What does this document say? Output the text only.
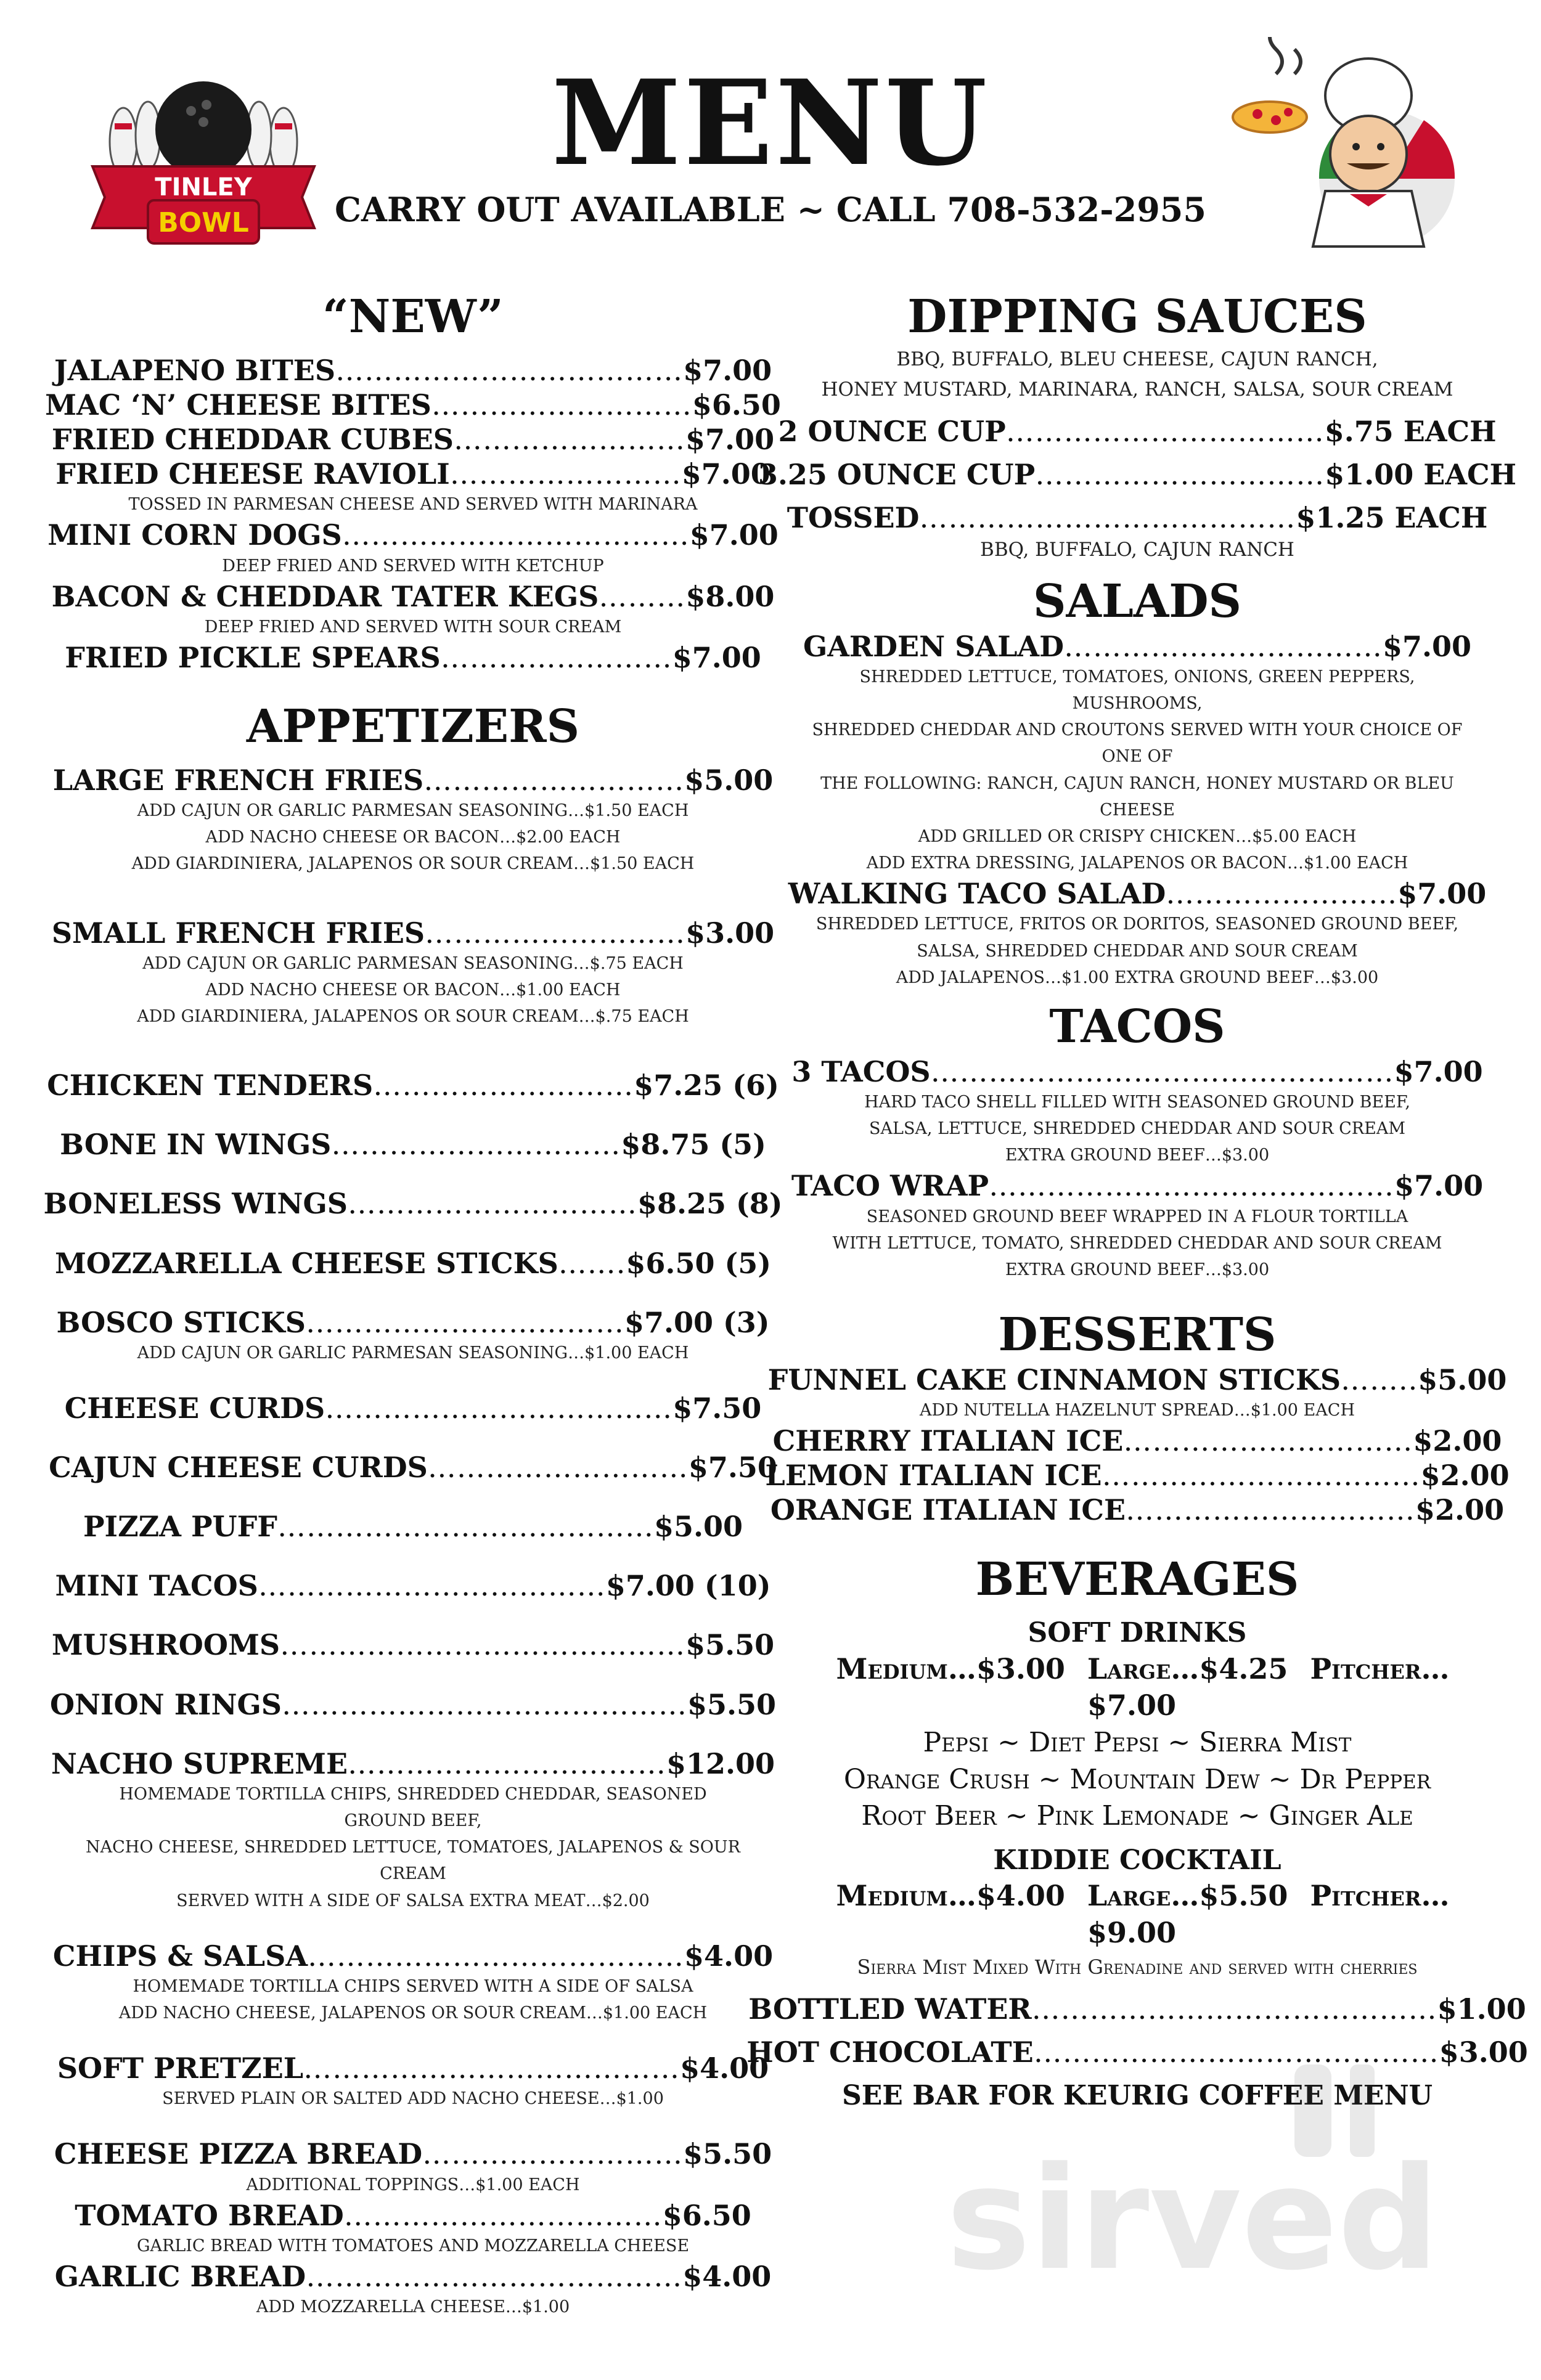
MENU
CARRY OUT AVAILABLE ~ CALL 708-532-2955
TINLEY
BOWL
“NEW”
JALAPENO BITES ……………………………… $7.00
MAC ‘N’ CHEESE BITES ……………………… $6.50
FRIED CHEDDAR CUBES …………………… $7.00
FRIED CHEESE RAVIOLI …………………… $7.00
TOSSED IN PARMESAN CHEESE AND SERVED WITH MARINARA
MINI CORN DOGS ……………………………… $7.00
DEEP FRIED AND SERVED WITH KETCHUP
BACON & CHEDDAR TATER KEGS ……… $8.00
DEEP FRIED AND SERVED WITH SOUR CREAM
FRIED PICKLE SPEARS …………………… $7.00
APPETIZERS
LARGE FRENCH FRIES ……………………… $5.00
ADD CAJUN OR GARLIC PARMESAN SEASONING…$1.50 EACH
ADD NACHO CHEESE OR BACON…$2.00 EACH
ADD GIARDINIERA, JALAPENOS OR SOUR CREAM…$1.50 EACH
SMALL FRENCH FRIES ……………………… $3.00
ADD CAJUN OR GARLIC PARMESAN SEASONING…$.75 EACH
ADD NACHO CHEESE OR BACON…$1.00 EACH
ADD GIARDINIERA, JALAPENOS OR SOUR CREAM…$.75 EACH
CHICKEN TENDERS ……………………… $7.25 (6)
BONE IN WINGS ………………………… $8.75 (5)
BONELESS WINGS ………………………… $8.25 (8)
MOZZARELLA CHEESE STICKS ……. $6.50 (5)
BOSCO STICKS …………………………… $7.00 (3)
ADD CAJUN OR GARLIC PARMESAN SEASONING…$1.00 EACH
CHEESE CURDS ……………………………… $7.50
CAJUN CHEESE CURDS ……………………… $7.50
PIZZA PUFF ………………………………… $5.00
MINI TACOS ……………………………… $7.00 (10)
MUSHROOMS …………………………………… $5.50
ONION RINGS …………………………………… $5.50
NACHO SUPREME …………………………… $12.00
HOMEMADE TORTILLA CHIPS, SHREDDED CHEDDAR, SEASONED GROUND BEEF,
NACHO CHEESE, SHREDDED LETTUCE, TOMATOES, JALAPENOS & SOUR CREAM
SERVED WITH A SIDE OF SALSA EXTRA MEAT…$2.00
CHIPS & SALSA ………………………………… $4.00
HOMEMADE TORTILLA CHIPS SERVED WITH A SIDE OF SALSA
ADD NACHO CHEESE, JALAPENOS OR SOUR CREAM…$1.00 EACH
SOFT PRETZEL ………………………………… $4.00
SERVED PLAIN OR SALTED ADD NACHO CHEESE…$1.00
CHEESE PIZZA BREAD ……………………… $5.50
ADDITIONAL TOPPINGS…$1.00 EACH
TOMATO BREAD …………………………… $6.50
GARLIC BREAD WITH TOMATOES AND MOZZARELLA CHEESE
GARLIC BREAD ………………………………… $4.00
ADD MOZZARELLA CHEESE…$1.00
DIPPING SAUCES
BBQ, BUFFALO, BLEU CHEESE, CAJUN RANCH,
HONEY MUSTARD, MARINARA, RANCH, SALSA, SOUR CREAM
2 OUNCE CUP …………………………… $.75 EACH
3.25 OUNCE CUP ………………………… $1.00 EACH
TOSSED ………………………………… $1.25 EACH
BBQ, BUFFALO, CAJUN RANCH
SALADS
GARDEN SALAD …………………………… $7.00
SHREDDED LETTUCE, TOMATOES, ONIONS, GREEN PEPPERS, MUSHROOMS,
SHREDDED CHEDDAR AND CROUTONS SERVED WITH YOUR CHOICE OF ONE OF
THE FOLLOWING: RANCH, CAJUN RANCH, HONEY MUSTARD OR BLEU CHEESE
ADD GRILLED OR CRISPY CHICKEN…$5.00 EACH
ADD EXTRA DRESSING, JALAPENOS OR BACON…$1.00 EACH
WALKING TACO SALAD …………………… $7.00
SHREDDED LETTUCE, FRITOS OR DORITOS, SEASONED GROUND BEEF,
SALSA, SHREDDED CHEDDAR AND SOUR CREAM
ADD JALAPENOS…$1.00 EXTRA GROUND BEEF…$3.00
TACOS
3 TACOS ………………………………………… $7.00
HARD TACO SHELL FILLED WITH SEASONED GROUND BEEF,
SALSA, LETTUCE, SHREDDED CHEDDAR AND SOUR CREAM
EXTRA GROUND BEEF…$3.00
TACO WRAP …………………………………… $7.00
SEASONED GROUND BEEF WRAPPED IN A FLOUR TORTILLA
WITH LETTUCE, TOMATO, SHREDDED CHEDDAR AND SOUR CREAM
EXTRA GROUND BEEF…$3.00
DESSERTS
FUNNEL CAKE CINNAMON STICKS …….. $5.00
ADD NUTELLA HAZELNUT SPREAD…$1.00 EACH
CHERRY ITALIAN ICE ………………………… $2.00
LEMON ITALIAN ICE …………………………… $2.00
ORANGE ITALIAN ICE ………………………… $2.00
BEVERAGES
SOFT DRINKS
Medium…$3.00 Large…$4.25 Pitcher…$7.00
Pepsi ~ Diet Pepsi ~ Sierra Mist
Orange Crush ~ Mountain Dew ~ Dr Pepper
Root Beer ~ Pink Lemonade ~ Ginger Ale
KIDDIE COCKTAIL
Medium…$4.00 Large…$5.50 Pitcher…$9.00
Sierra Mist Mixed With Grenadine and served with cherries
BOTTLED WATER …………………………………… $1.00
HOT CHOCOLATE …………………………………… $3.00
SEE BAR FOR KEURIG COFFEE MENU
sirved
